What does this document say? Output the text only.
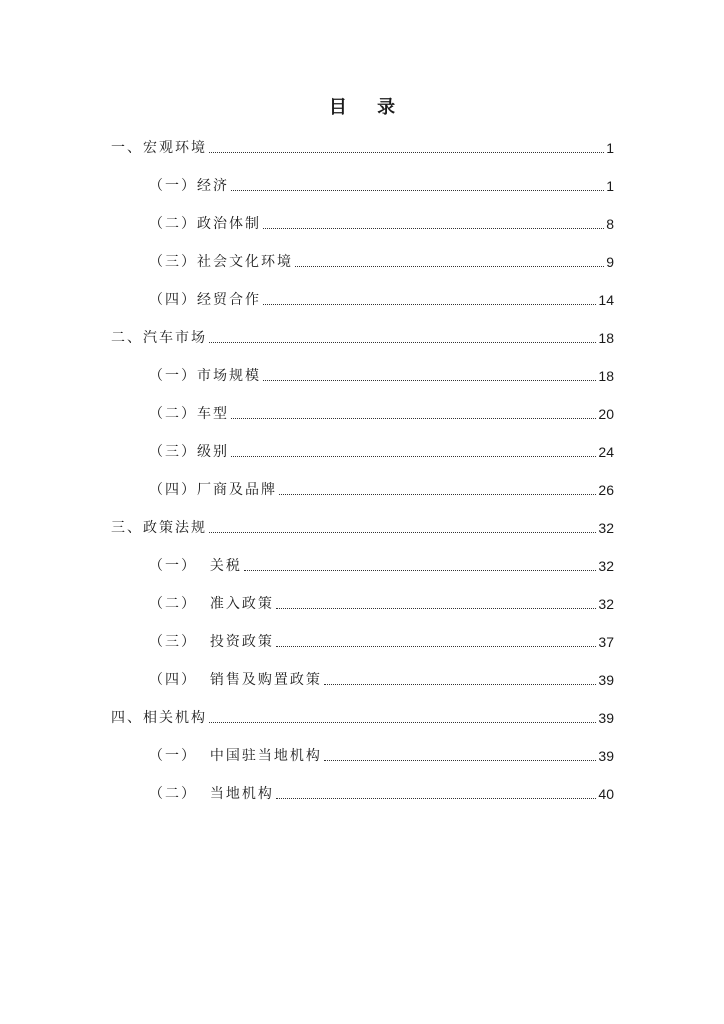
目 录
一、宏观环境	1
（一）经济	1
（二）政治体制	8
（三）社会文化环境	9
（四）经贸合作	14
二、汽车市场	18
（一）市场规模	18
（二）车型	20
（三）级别	24
（四）厂商及品牌	26
三、政策法规	32
（一）  关税	32
（二）  准入政策	32
（三）  投资政策	37
（四）  销售及购置政策	39
四、相关机构	39
（一）  中国驻当地机构	39
（二）  当地机构	40
